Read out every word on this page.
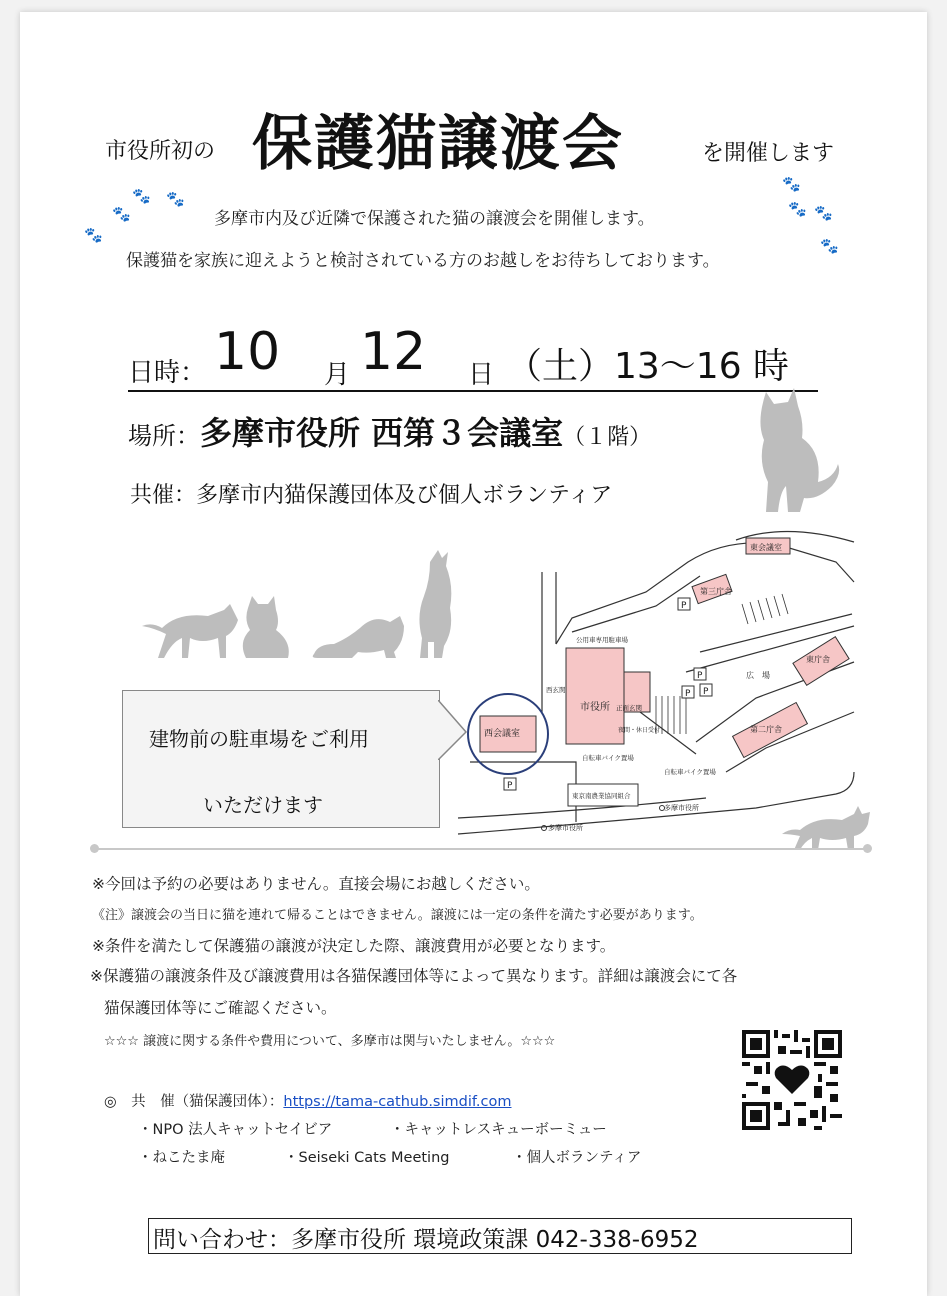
市役所初の 保護猫譲渡会	を開催します
🐾 🐾
🐾
🐾
🐾
🐾 🐾
🐾
多摩市内及び近隣で保護された猫の譲渡会を開催します。
保護猫を家族に迎えようと検討されている方のお越しをお待ちしております。
日時： 10 月 12 日 （土）13〜16 時
場所：多摩市役所 西第３会議室（１階）
共催：多摩市内猫保護団体及び個人ボランティア
建物前の駐車場をご利用
いただけます
東会議室
西会議室
市役所
第三庁舎
東庁舎
第二庁舎
広　場
正面玄関
西玄関
公用車専用駐車場
自転車バイク置場
自転車バイク置場
東京南農業協同組合
多摩市役所
多摩市役所
夜間・休日受付
P
P
P
P P
※今回は予約の必要はありません。直接会場にお越しください。
《注》譲渡会の当日に猫を連れて帰ることはできません。譲渡には一定の条件を満たす必要があります。
※条件を満たして保護猫の譲渡が決定した際、譲渡費用が必要となります。
※保護猫の譲渡条件及び譲渡費用は各猫保護団体等によって異なります。詳細は譲渡会にて各
猫保護団体等にご確認ください。
☆☆☆ 譲渡に関する条件や費用について、多摩市は関与いたしません。☆☆☆
◎　共　催（猫保護団体）：https://tama-cathub.simdif.com
・NPO 法人キャットセイビア	・キャットレスキューボーミュー
・ねこたま庵	・Seiseki Cats Meeting	・個人ボランティア
問い合わせ：多摩市役所 環境政策課 042-338-6952
